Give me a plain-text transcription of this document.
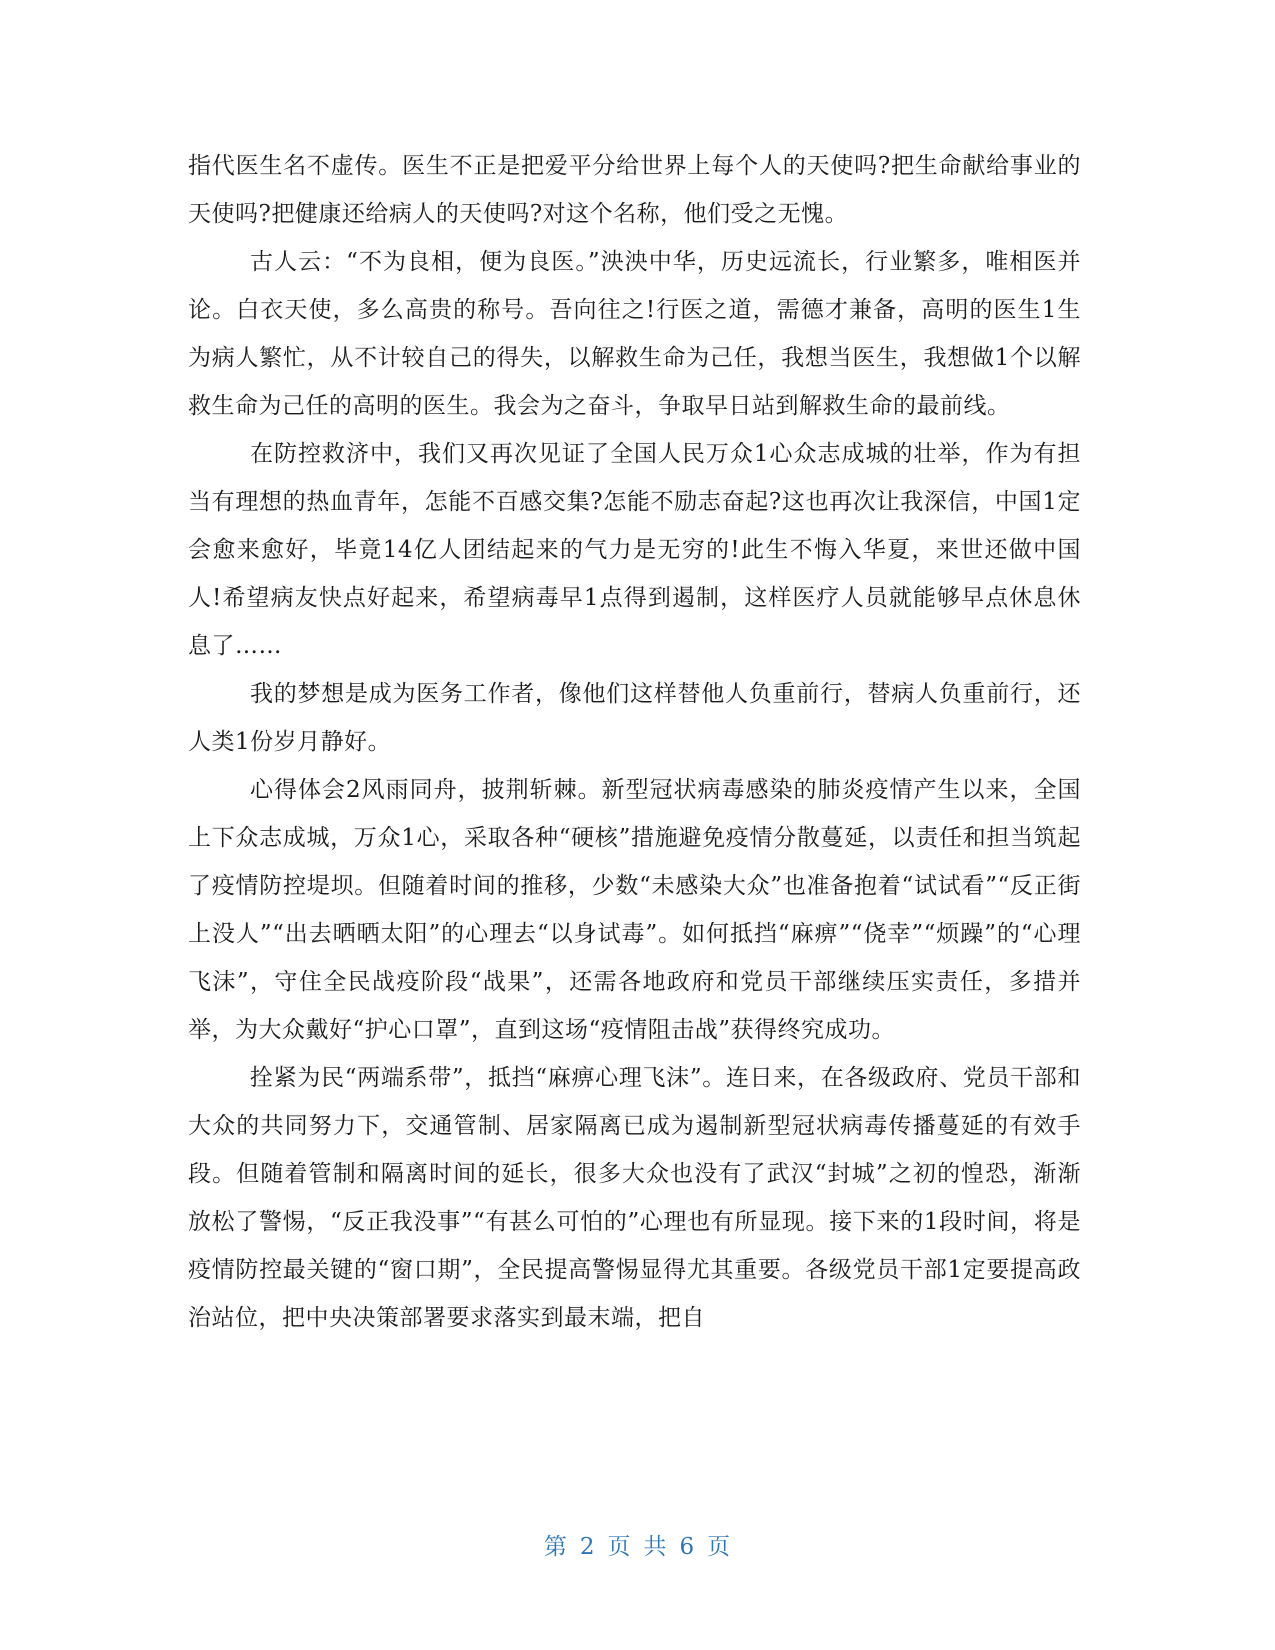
指代医生名不虚传。医生不正是把爱平分给世界上每个人的天使吗?把生命献给事业的天使吗?把健康还给病人的天使吗?对这个名称，他们受之无愧。

古人云：“不为良相，便为良医。”泱泱中华，历史远流长，行业繁多，唯相医并论。白衣天使，多么高贵的称号。吾向往之!行医之道，需德才兼备，高明的医生1生为病人繁忙，从不计较自己的得失，以解救生命为己任，我想当医生，我想做1个以解救生命为己任的高明的医生。我会为之奋斗，争取早日站到解救生命的最前线。

在防控救济中，我们又再次见证了全国人民万众1心众志成城的壮举，作为有担当有理想的热血青年，怎能不百感交集?怎能不励志奋起?这也再次让我深信，中国1定会愈来愈好，毕竟14亿人团结起来的气力是无穷的!此生不悔入华夏，来世还做中国人!希望病友快点好起来，希望病毒早1点得到遏制，这样医疗人员就能够早点休息休息了……

我的梦想是成为医务工作者，像他们这样替他人负重前行，替病人负重前行，还人类1份岁月静好。

心得体会2风雨同舟，披荆斩棘。新型冠状病毒感染的肺炎疫情产生以来，全国上下众志成城，万众1心，采取各种“硬核”措施避免疫情分散蔓延，以责任和担当筑起了疫情防控堤坝。但随着时间的推移，少数“未感染大众”也准备抱着“试试看”“反正街上没人”“出去晒晒太阳”的心理去“以身试毒”。如何抵挡“麻痹”“侥幸”“烦躁”的“心理飞沫”，守住全民战疫阶段“战果”，还需各地政府和党员干部继续压实责任，多措并举，为大众戴好“护心口罩”，直到这场“疫情阻击战”获得终究成功。

拴紧为民“两端系带”，抵挡“麻痹心理飞沫”。连日来，在各级政府、党员干部和大众的共同努力下，交通管制、居家隔离已成为遏制新型冠状病毒传播蔓延的有效手段。但随着管制和隔离时间的延长，很多大众也没有了武汉“封城”之初的惶恐，渐渐放松了警惕，“反正我没事”“有甚么可怕的”心理也有所显现。接下来的1段时间，将是疫情防控最关键的“窗口期”，全民提高警惕显得尤其重要。各级党员干部1定要提高政治站位，把中央决策部署要求落实到最末端，把自

第 2 页 共 6 页
